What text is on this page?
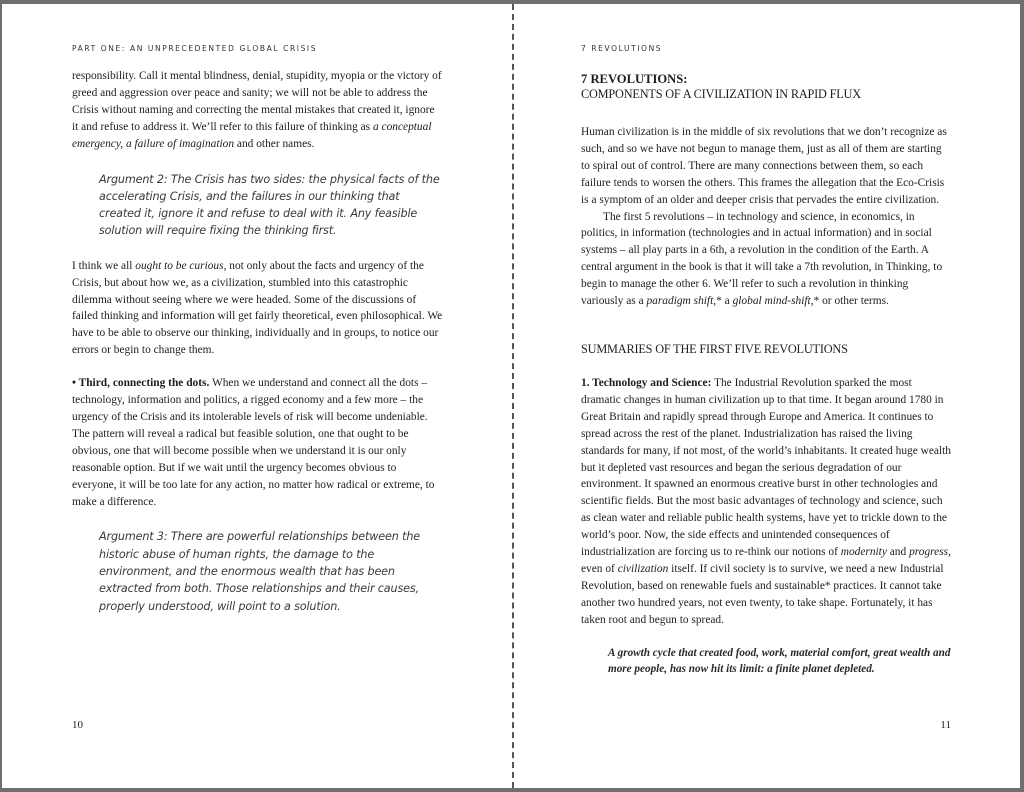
PART ONE: AN UNPRECEDENTED GLOBAL CRISIS

responsibility. Call it mental blindness, denial, stupidity, myopia or the victory of greed and aggression over peace and sanity; we will not be able to address the Crisis without naming and correcting the mental mistakes that created it, ignore it and refuse to address it. We’ll refer to this failure of thinking as a conceptual emergency, a failure of imagination and other names.

Argument 2: The Crisis has two sides: the physical facts of the accelerating Crisis, and the failures in our thinking that created it, ignore it and refuse to deal with it. Any feasible solution will require fixing the thinking first.

I think we all ought to be curious, not only about the facts and urgency of the Crisis, but about how we, as a civilization, stumbled into this catastrophic dilemma without seeing where we were headed. Some of the discussions of failed thinking and information will get fairly theoretical, even philosophical. We have to be able to observe our thinking, individually and in groups, to notice our errors or begin to change them.

• Third, connecting the dots. When we understand and connect all the dots – technology, information and politics, a rigged economy and a few more – the urgency of the Crisis and its intolerable levels of risk will become undeniable. The pattern will reveal a radical but feasible solution, one that ought to be obvious, one that will become possible when we understand it is our only reasonable option. But if we wait until the urgency becomes obvious to everyone, it will be too late for any action, no matter how radical or extreme, to make a difference.

Argument 3: There are powerful relationships between the historic abuse of human rights, the damage to the environment, and the enormous wealth that has been extracted from both. Those relationships and their causes, properly understood, will point to a solution.
10
7 REVOLUTIONS
7 REVOLUTIONS:
COMPONENTS OF A CIVILIZATION IN RAPID FLUX

Human civilization is in the middle of six revolutions that we don’t recognize as such, and so we have not begun to manage them, just as all of them are starting to spiral out of control. There are many connections between them, so each failure tends to worsen the others. This frames the allegation that the Eco-Crisis is a symptom of an older and deeper crisis that pervades the entire civilization.

The first 5 revolutions – in technology and science, in economics, in politics, in information (technologies and in actual information) and in social systems – all play parts in a 6th, a revolution in the condition of the Earth. A central argument in the book is that it will take a 7th revolution, in Thinking, to begin to manage the other 6. We’ll refer to such a revolution in thinking variously as a paradigm shift,* a global mind-shift,* or other terms.

SUMMARIES OF THE FIRST FIVE REVOLUTIONS

1. Technology and Science: The Industrial Revolution sparked the most dramatic changes in human civilization up to that time. It began around 1780 in Great Britain and rapidly spread through Europe and America. It continues to spread across the rest of the planet. Industrialization has raised the living standards for many, if not most, of the world’s inhabitants. It created huge wealth but it depleted vast resources and began the serious degradation of our environment. It spawned an enormous creative burst in other technologies and scientific fields. But the most basic advantages of technology and science, such as clean water and reliable public health systems, have yet to trickle down to the world’s poor. Now, the side effects and unintended consequences of industrialization are forcing us to re-think our notions of modernity and progress, even of civilization itself. If civil society is to survive, we need a new Industrial Revolution, based on renewable fuels and sustainable* practices. It cannot take another two hundred years, not even twenty, to take shape. Fortunately, it has taken root and begun to spread.

A growth cycle that created food, work, material comfort, great wealth and more people, has now hit its limit: a finite planet depleted.
11
